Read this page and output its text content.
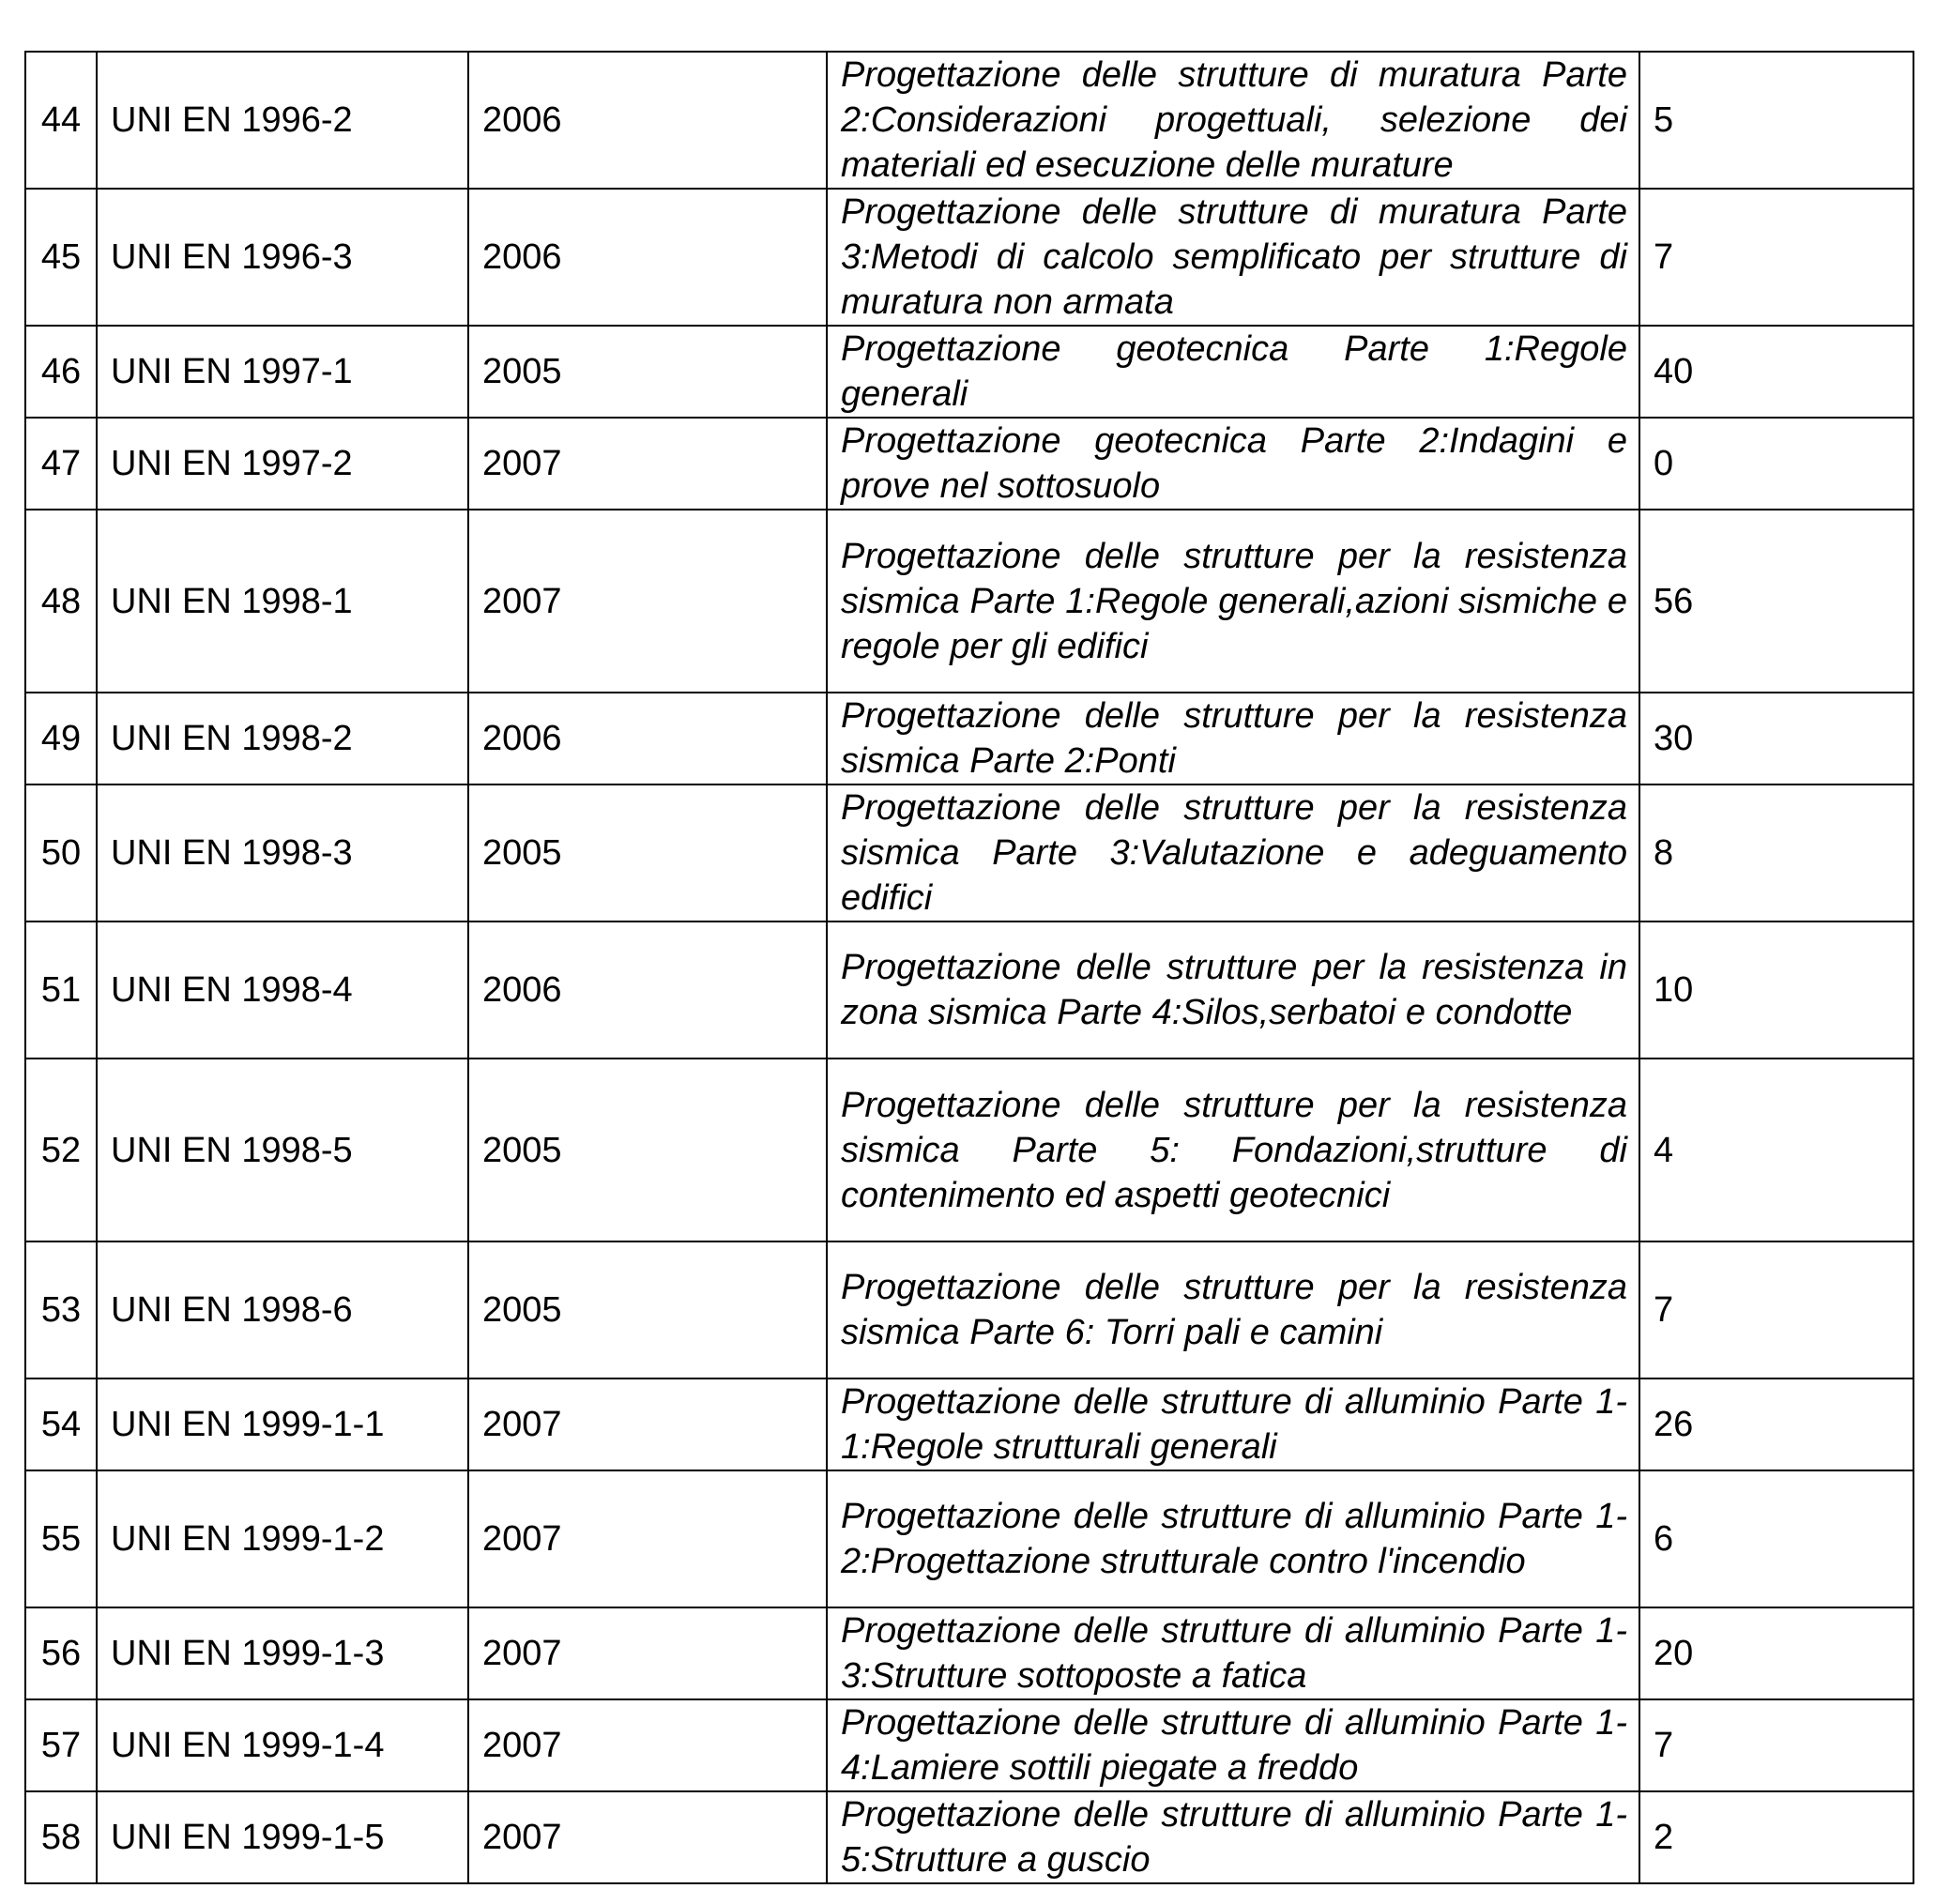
44	UNI EN 1996-2	2006	Progettazione delle strutture di muratura Parte 2:Considerazioni progettuali, selezione dei materiali ed esecuzione delle murature	5
45	UNI EN 1996-3	2006	Progettazione delle strutture di muratura Parte 3:Metodi di calcolo semplificato per strutture di muratura non armata	7
46	UNI EN 1997-1	2005	Progettazione geotecnica Parte 1:Regole generali	40
47	UNI EN 1997-2	2007	Progettazione geotecnica Parte 2:Indagini e prove nel sottosuolo	0
48	UNI EN 1998-1	2007	Progettazione delle strutture per la resistenza sismica Parte 1:Regole generali,azioni sismiche e regole per gli edifici	56
49	UNI EN 1998-2	2006	Progettazione delle strutture per la resistenza sismica Parte 2:Ponti	30
50	UNI EN 1998-3	2005	Progettazione delle strutture per la resistenza sismica Parte 3:Valutazione e adeguamento edifici	8
51	UNI EN 1998-4	2006	Progettazione delle strutture per la resistenza in zona sismica Parte 4:Silos,serbatoi e condotte	10
52	UNI EN 1998-5	2005	Progettazione delle strutture per la resistenza sismica Parte 5: Fondazioni,strutture di contenimento ed aspetti geotecnici	4
53	UNI EN 1998-6	2005	Progettazione delle strutture per la resistenza sismica Parte 6: Torri pali e camini	7
54	UNI EN 1999-1-1	2007	Progettazione delle strutture di alluminio Parte 1-1:Regole strutturali generali	26
55	UNI EN 1999-1-2	2007	Progettazione delle strutture di alluminio Parte 1-2:Progettazione strutturale contro l'incendio	6
56	UNI EN 1999-1-3	2007	Progettazione delle strutture di alluminio Parte 1-3:Strutture sottoposte a fatica	20
57	UNI EN 1999-1-4	2007	Progettazione delle strutture di alluminio Parte 1-4:Lamiere sottili piegate a freddo	7
58	UNI EN 1999-1-5	2007	Progettazione delle strutture di alluminio Parte 1-5:Strutture a guscio	2
